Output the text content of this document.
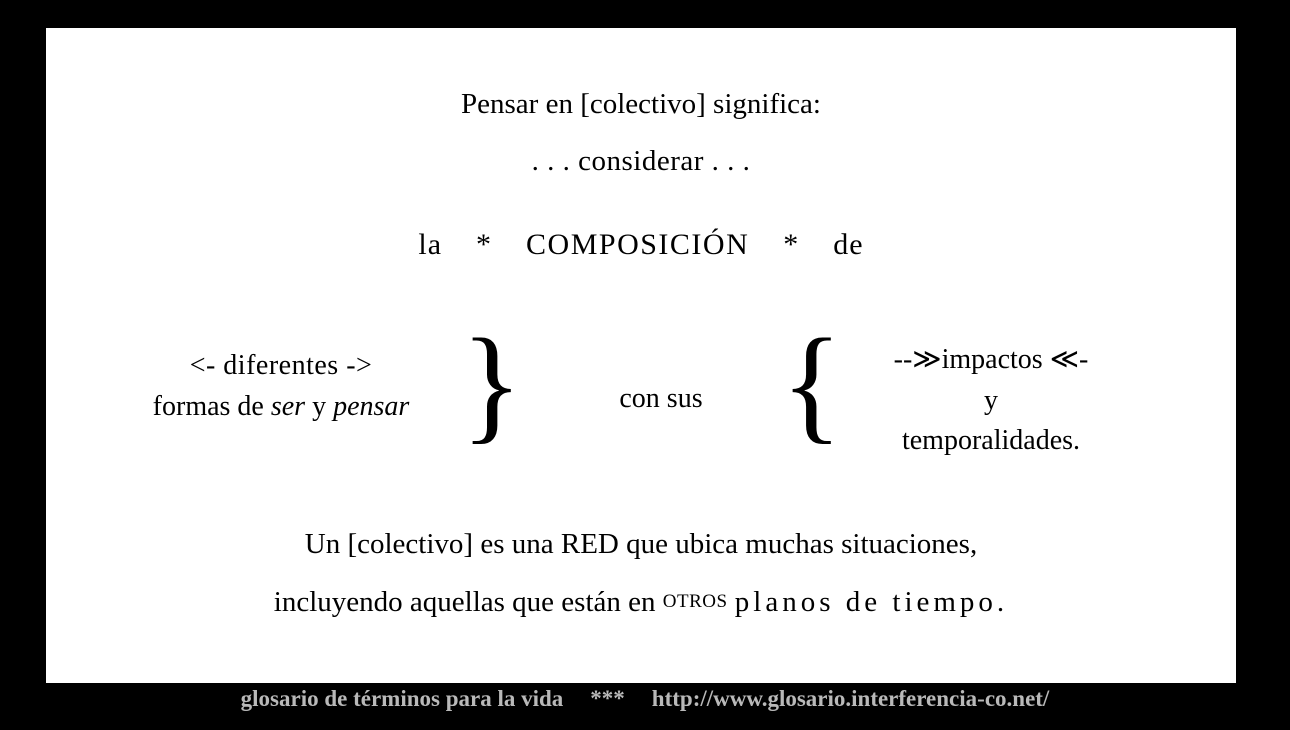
Pensar en [colectivo] significa:
. . . considerar . . .
la * COMPOSICIÓN * de
<- diferentes ->
formas de ser y pensar }	con sus {	--≫impactos ≪-
y
temporalidades.
Un [colectivo] es una RED que ubica muchas situaciones,
incluyendo aquellas que están en OTROS planos de tiempo.
glosario de términos para la vida *** http://www.glosario.interferencia-co.net/
